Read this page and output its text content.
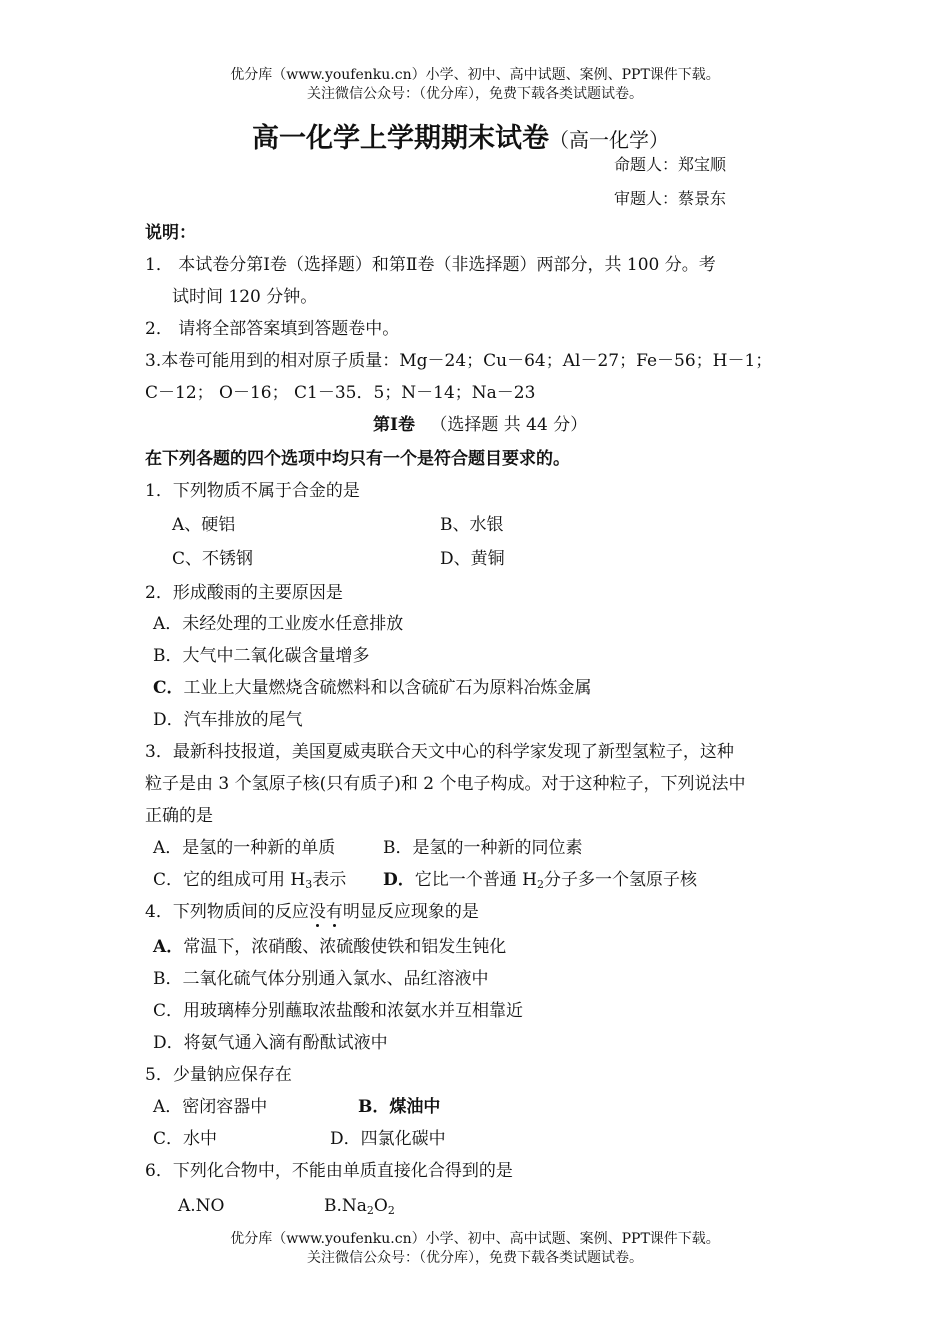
优分库（www.youfenku.cn）小学、初中、高中试题、案例、PPT课件下载。
关注微信公众号：（优分库），免费下载各类试题试卷。
高一化学上学期期末试卷（高一化学）
命题人：郑宝顺
审题人：蔡景东
说明：
1． 本试卷分第Ⅰ卷（选择题）和第Ⅱ卷（非选择题）两部分，共 100 分。考
试时间 120 分钟。
2． 请将全部答案填到答题卷中。
3.本卷可能用到的相对原子质量：Mg－24；Cu－64；Al－27；Fe－56；H－1；
C－12； O－16； C1－35．5；N－14；Na－23
第Ⅰ卷 （选择题 共 44 分）
在下列各题的四个选项中均只有一个是符合题目要求的。
1．下列物质不属于合金的是
A、硬铝	B、水银
C、不锈钢	D、黄铜
2．形成酸雨的主要原因是
A．未经处理的工业废水任意排放
B．大气中二氧化碳含量增多
C．工业上大量燃烧含硫燃料和以含硫矿石为原料冶炼金属
D．汽车排放的尾气
3．最新科技报道，美国夏威夷联合天文中心的科学家发现了新型氢粒子，这种
粒子是由 3 个氢原子核(只有质子)和 2 个电子构成。对于这种粒子，下列说法中
正确的是
A．是氢的一种新的单质	B．是氢的一种新的同位素
C．它的组成可用 $H_3$表示 D．它比一个普通 $H_2$分子多一个氢原子核
4．下列物质间的反应没有明显反应现象的是
A．常温下，浓硝酸、浓硫酸使铁和铝发生钝化
B．二氧化硫气体分别通入氯水、品红溶液中
C．用玻璃棒分别蘸取浓盐酸和浓氨水并互相靠近
D．将氨气通入滴有酚酞试液中
5．少量钠应保存在
A．密闭容器中	B．煤油中
C．水中	D．四氯化碳中
6．下列化合物中，不能由单质直接化合得到的是
A.NO	$B.Na_2O_2$
优分库（www.youfenku.cn）小学、初中、高中试题、案例、PPT课件下载。
关注微信公众号：（优分库），免费下载各类试题试卷。
